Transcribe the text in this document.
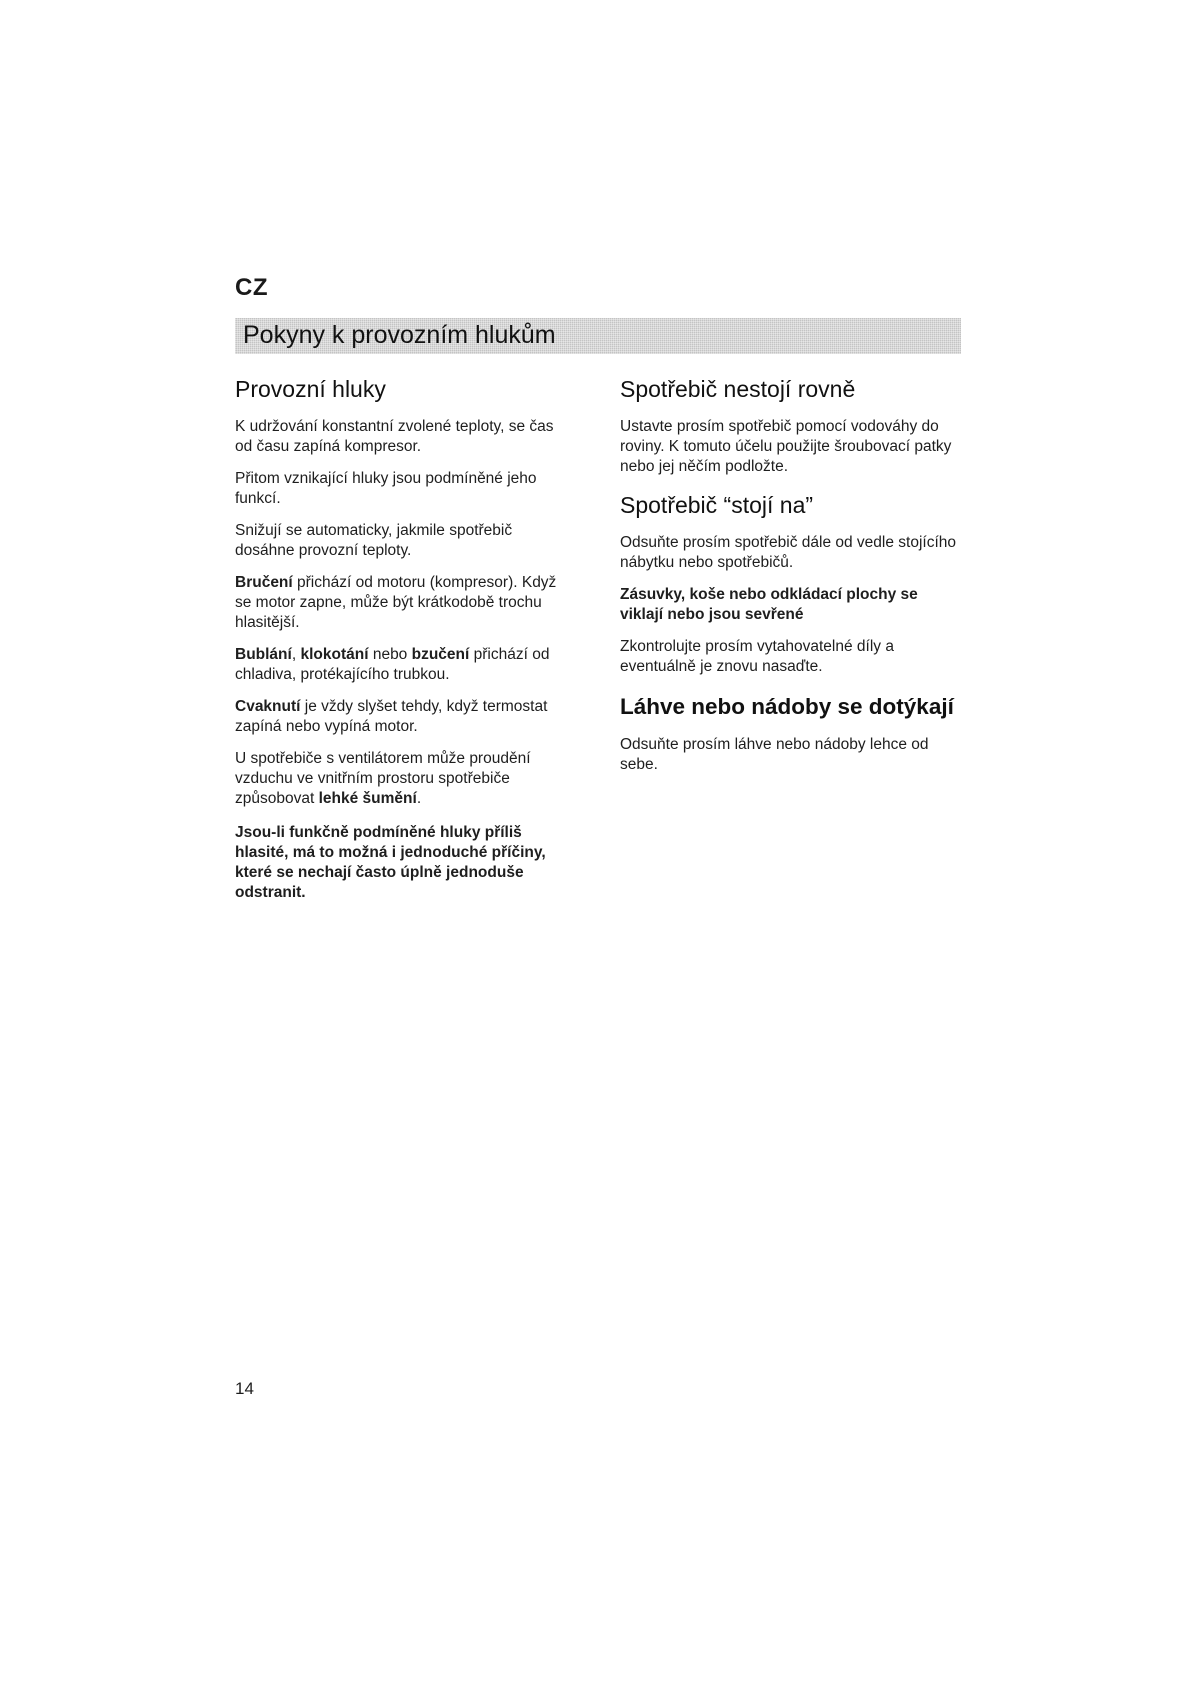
CZ
Pokyny k provozním hlukům
Provozní hluky

K udržování konstantní zvolené teploty, se čas od času zapíná kompresor.

Přitom vznikající hluky jsou podmíněné jeho funkcí.

Snižují se automaticky, jakmile spotřebič dosáhne provozní teploty.

Bručení přichází od motoru (kompresor). Když se motor zapne, může být krátkodobě trochu hlasitější.

Bublání, klokotání nebo bzučení přichází od chladiva, protékajícího trubkou.

Cvaknutí je vždy slyšet tehdy, když termostat zapíná nebo vypíná motor.

U spotřebiče s ventilátorem může proudění vzduchu ve vnitřním prostoru spotřebiče způsobovat lehké šumění.

Jsou-li funkčně podmíněné hluky příliš hlasité, má to možná i jednoduché příčiny, které se nechají často úplně jednoduše odstranit.

Spotřebič nestojí rovně

Ustavte prosím spotřebič pomocí vodováhy do roviny. K tomuto účelu použijte šroubovací patky nebo jej něčím podložte.

Spotřebič “stojí na”

Odsuňte prosím spotřebič dále od vedle stojícího nábytku nebo spotřebičů.

Zásuvky, koše nebo odkládací plochy se viklají nebo jsou sevřené

Zkontrolujte prosím vytahovatelné díly a eventuálně je znovu nasaďte.

Láhve nebo nádoby se dotýkají

Odsuňte prosím láhve nebo nádoby lehce od sebe.

14
